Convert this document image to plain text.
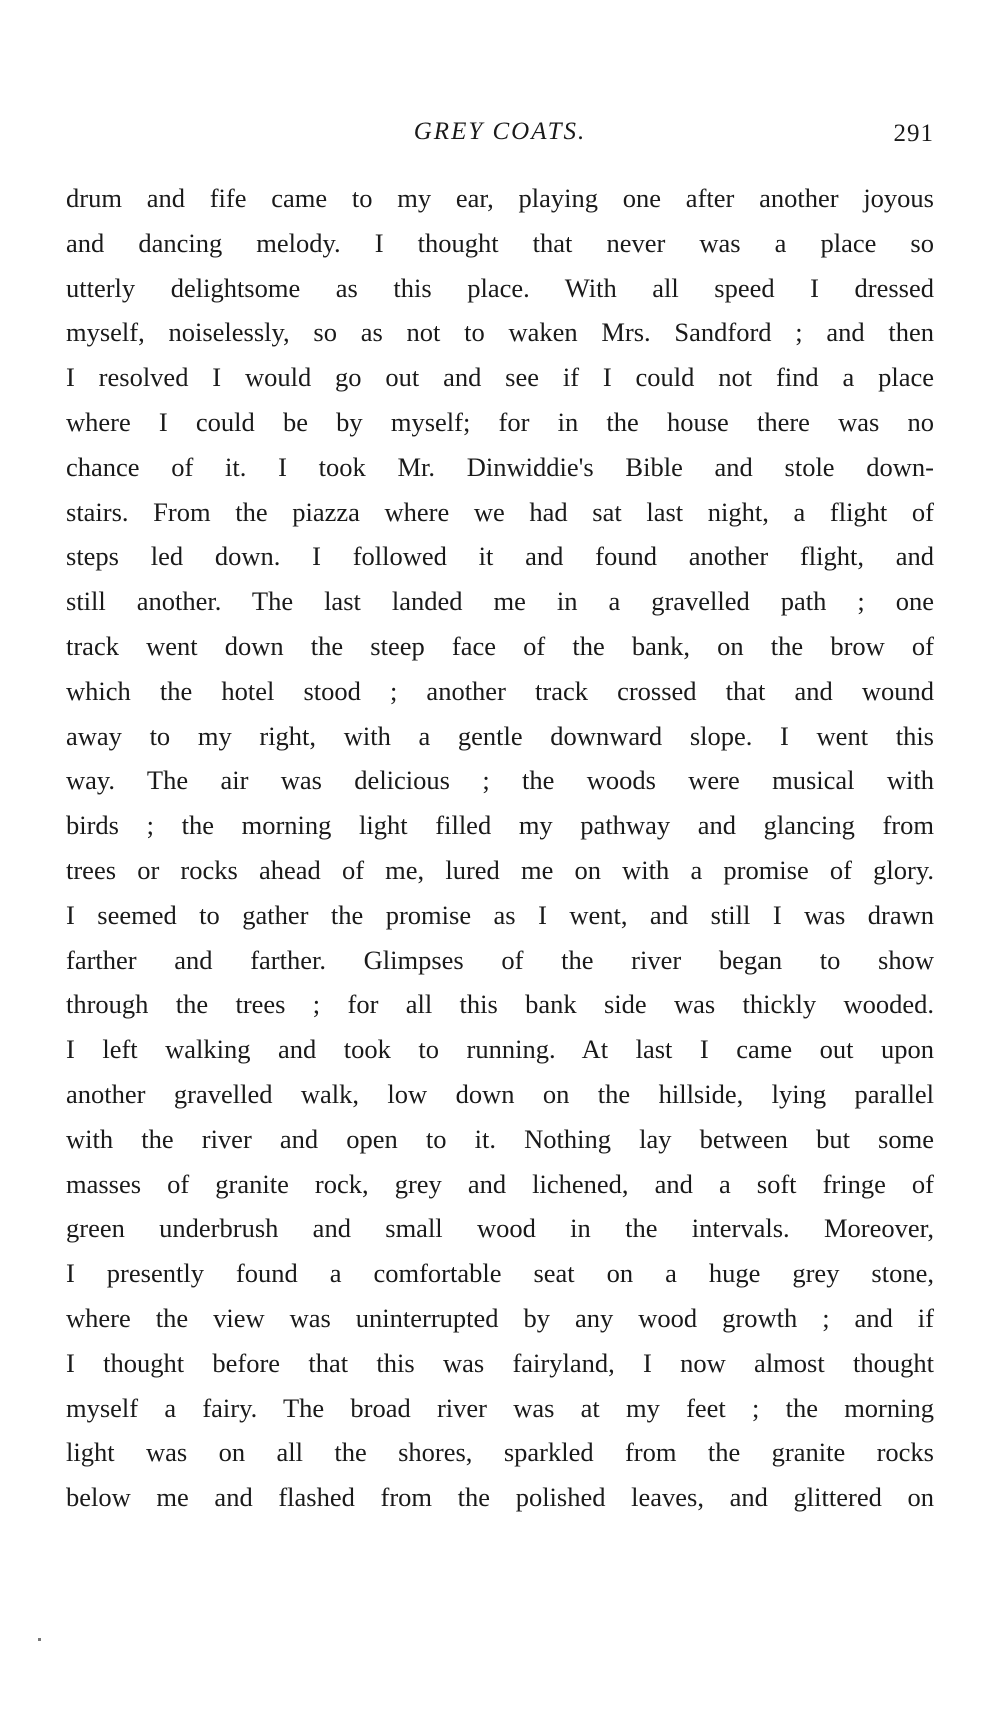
GREY COATS.	291
drum and fife came to my ear, playing one after another joyous
and dancing melody. I thought that never was a place so
utterly delightsome as this place. With all speed I dressed
myself, noiselessly, so as not to waken Mrs. Sandford ; and then
I resolved I would go out and see if I could not find a place
where I could be by myself; for in the house there was no
chance of it. I took Mr. Dinwiddie's Bible and stole down-
stairs. From the piazza where we had sat last night, a flight of
steps led down. I followed it and found another flight, and
still another. The last landed me in a gravelled path ; one
track went down the steep face of the bank, on the brow of
which the hotel stood ; another track crossed that and wound
away to my right, with a gentle downward slope. I went this
way. The air was delicious ; the woods were musical with
birds ; the morning light filled my pathway and glancing from
trees or rocks ahead of me, lured me on with a promise of glory.
I seemed to gather the promise as I went, and still I was drawn
farther and farther. Glimpses of the river began to show
through the trees ; for all this bank side was thickly wooded.
I left walking and took to running. At last I came out upon
another gravelled walk, low down on the hillside, lying parallel
with the river and open to it. Nothing lay between but some
masses of granite rock, grey and lichened, and a soft fringe of
green underbrush and small wood in the intervals. Moreover,
I presently found a comfortable seat on a huge grey stone,
where the view was uninterrupted by any wood growth ; and if
I thought before that this was fairyland, I now almost thought
myself a fairy. The broad river was at my feet ; the morning
light was on all the shores, sparkled from the granite rocks
below me and flashed from the polished leaves, and glittered on
